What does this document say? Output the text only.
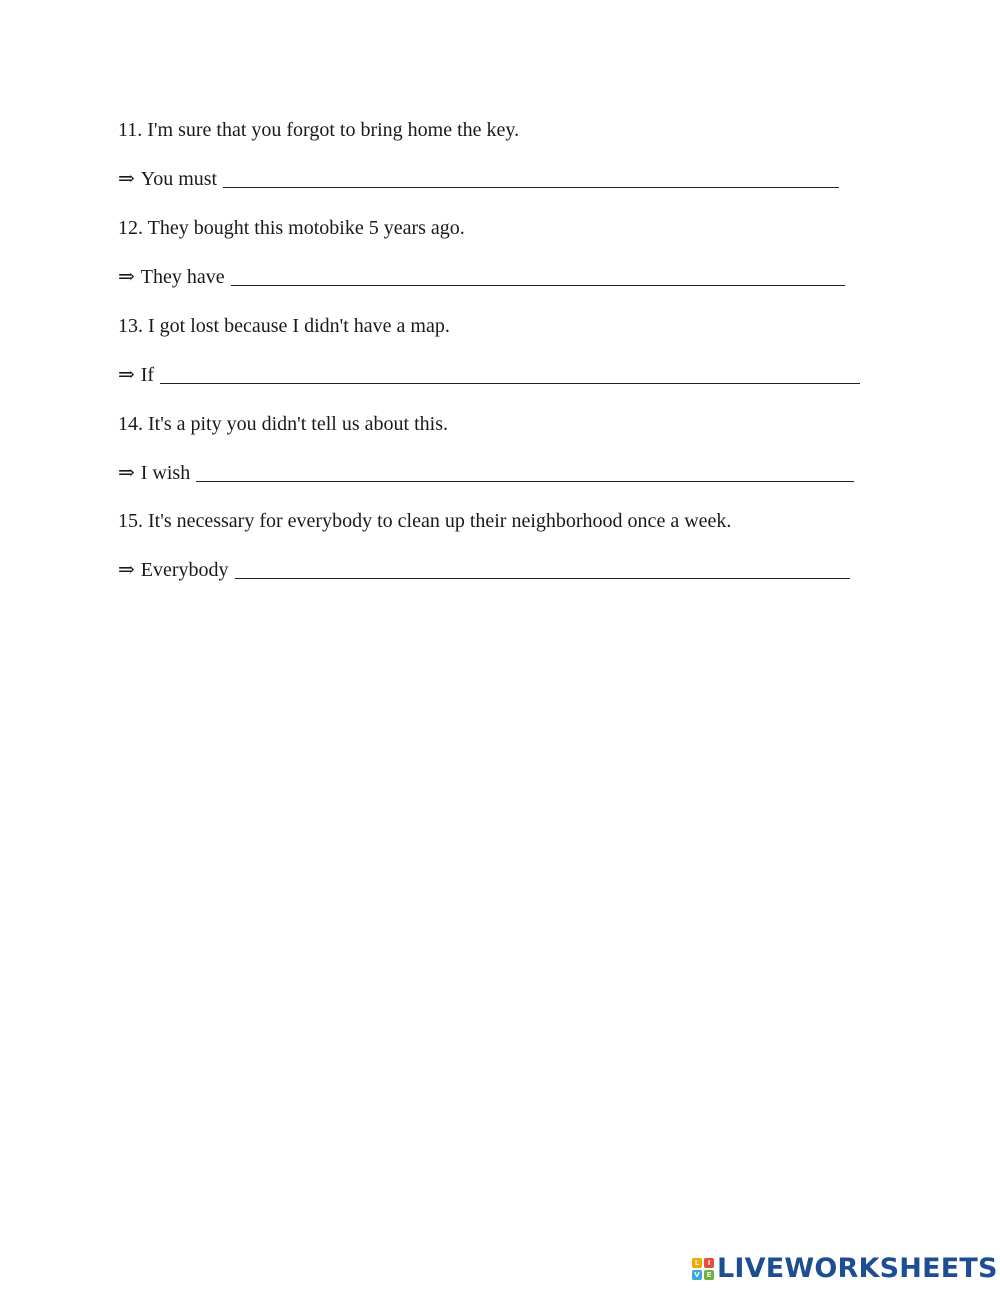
11. I'm sure that you forgot to bring home the key.
⇒ You must
12. They bought this motobike 5 years ago.
⇒ They have
13. I got lost because I didn't have a map.
⇒ If
14. It's a pity you didn't tell us about this.
⇒ I wish
15. It's necessary for everybody to clean up their neighborhood once a week.
⇒ Everybody
L	I
V E LIVEWORKSHEETS
